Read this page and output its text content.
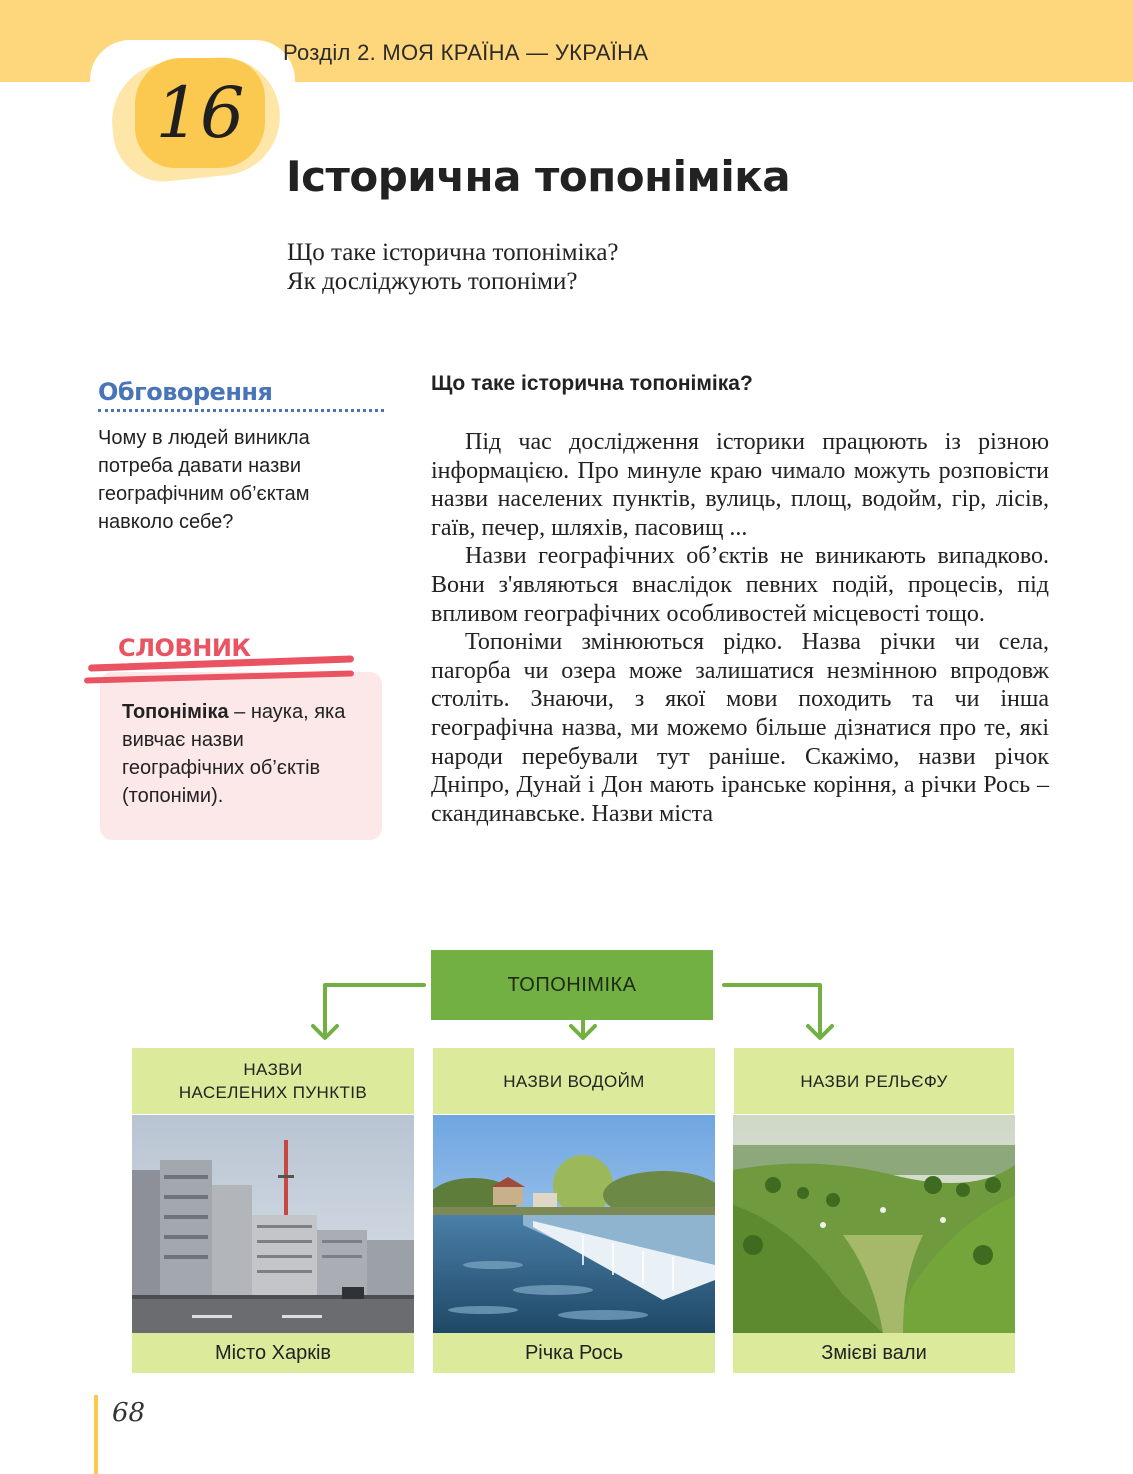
Розділ 2. МОЯ КРАЇНА — УКРАЇНА
16
Історична топоніміка
Що таке історична топоніміка?
Як досліджують топоніми?
Обговорення
Чому в людей виникла потреба давати назви географічним об’єктам навколо себе?
СЛОВНИК
Топоніміка – наука, яка вивчає назви географічних об’єктів (топоніми).
Що таке історична топоніміка?

Під час дослідження історики працюють із різною інформацією. Про минуле краю чимало можуть розповісти назви населених пунктів, вулиць, площ, водойм, гір, лісів, гаїв, печер, шляхів, пасовищ ...

Назви географічних об’єктів не виникають випадково. Вони з'являються внаслідок певних подій, процесів, під впливом географічних особливостей місцевості тощо.

Топоніми змінюються рідко. Назва річки чи села, пагорба чи озера може залишатися незмінною впродовж століть. Знаючи, з якої мови походить та чи інша географічна назва, ми можемо більше дізнатися про те, які народи перебували тут раніше. Скажімо, назви річок Дніпро, Дунай і Дон мають іранське коріння, а річки Рось – скандинавське. Назви міста

ТОПОНІМІКА
НАЗВИ
НАСЕЛЕНИХ ПУНКТІВ
Місто Харків
НАЗВИ ВОДОЙМ
Річка Рось
НАЗВИ РЕЛЬЄФУ
Змієві вали
68
